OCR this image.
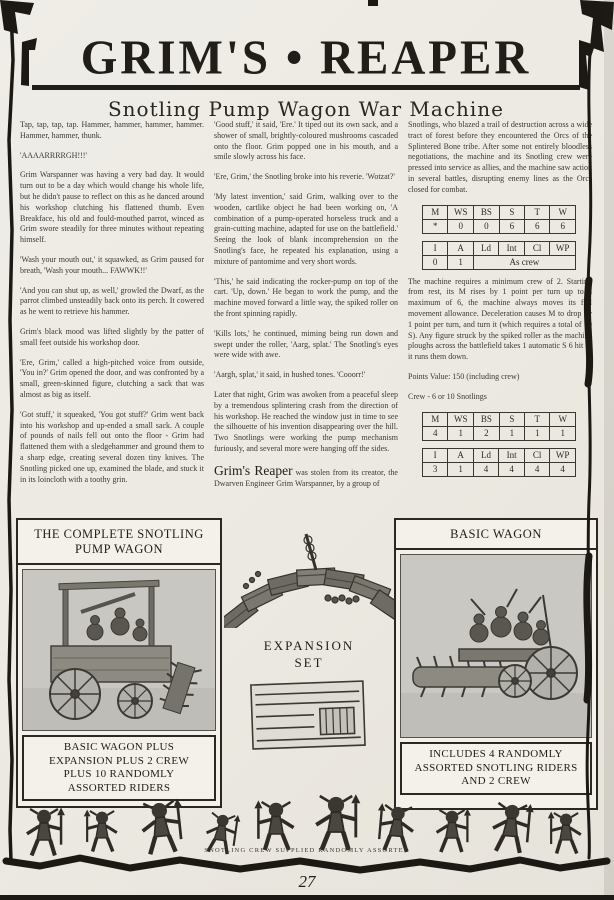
GRIM'S • REAPER
Snotling Pump Wagon War Machine

Tap, tap, tap, tap. Hammer, hammer, hammer, hammer. Hammer, hammer, thunk.

'AAAARRRRGH!!!'

Grim Warspanner was having a very bad day. It would turn out to be a day which would change his whole life, but he didn't pause to reflect on this as he danced around his workshop clutching his flattened thumb. Even Breakface, his old and fould-mouthed parrot, winced as Grim swore steadily for three minutes without repeating himself.

'Wash your mouth out,' it squawked, as Grim paused for breath, 'Wash your mouth... FAWWK!!'

'And you can shut up, as well,' growled the Dwarf, as the parrot climbed unsteadily back onto its perch. It cowered as he went to retrieve his hammer.

Grim's black mood was lifted slightly by the patter of small feet outside his workshop door.

'Ere, Grim,' called a high-pitched voice from outside, 'You in?' Grim opened the door, and was confronted by a small, green-skinned figure, clutching a sack that was almost as big as itself.

'Got stuff,' it squeaked, 'You got stuff?' Grim went back into his workshop and up-ended a small sack. A couple of pounds of nails fell out onto the floor - Grim had flattened them with a sledgehammer and ground them to a sharp edge, creating several dozen tiny knives. The Snotling picked one up, examined the blade, and stuck it in its loincloth with a toothy grin.

'Good stuff,' it said, 'Ere.' It tiped out its own sack, and a shower of small, brightly-coloured mushrooms cascaded onto the floor. Grim popped one in his mouth, and a smile slowly across his face.

'Ere, Grim,' the Snotling broke into his reverie. 'Wotzat?'

'My latest invention,' said Grim, walking over to the wooden, cartlike object he had been working on, 'A combination of a pump-operated horseless truck and a grain-cutting machine, adapted for use on the battlefield.' Seeing the look of blank incomprehension on the Snotling's face, he repeated his explanation, using a mixture of pantomime and very short words.

'This,' he said indicating the rocker-pump on top of the cart. 'Up, down.' He began to work the pump, and the machine moved forward a little way, the spiked roller on the front spinning rapidly.

'Kills lots,' he continued, miming being run down and swept under the roller, 'Aarg, splat.' The Snotling's eyes were wide with awe.

'Aargh, splat,' it said, in hushed tones. 'Cooorr!'

Later that night, Grim was awoken from a peaceful sleep by a tremendous splintering crash from the direction of his workshop. He reached the window just in time to see the silhouette of his invention disappearing over the hill. Two Snotlings were working the pump mechanism furiously, and several more were hanging off the sides.

Grim's Reaper was stolen from its creator, the Dwarven Engineer Grim Warspanner, by a group of

Snotlings, who blazed a trail of destruction across a wide tract of forest before they encountered the Orcs of the Splintered Bone tribe. After some not entirely bloodless negotiations, the machine and its Snotling crew were pressed into service as allies, and the machine saw action in several battles, disrupting enemy lines as the Orcs closed for combat.

M	WS	BS	S	T	W
*	0	0	6	6	6
I	A	Ld	Int	Cl	WP
0	1	As crew			

The machine requires a minimum crew of 2. Starting from rest, its M rises by 1 point per turn up to a maximum of 6, the machine always moves its full movement allowance. Deceleration causes M to drop by 1 point per turn, and turn it (which requires a total of 10 S). Any figure struck by the spiked roller as the machine ploughs across the battlefield takes 1 automatic S 6 hit as it runs them down.

Points Value: 150 (including crew)

Crew - 6 or 10 Snotlings

M	WS	BS	S	T	W
4	1	2	1	1	1
I	A	Ld	Int	Cl	WP
3	1	4	4	4	4
THE COMPLETE SNOTLING
PUMP WAGON
BASIC WAGON PLUS
EXPANSION PLUS 2 CREW
PLUS 10 RANDOMLY
ASSORTED RIDERS
EXPANSION
SET
BASIC WAGON
INCLUDES 4 RANDOMLY
ASSORTED SNOTLING RIDERS
AND 2 CREW
SNOTLING CREW SUPPLIED RANDOMLY ASSORTED
27
